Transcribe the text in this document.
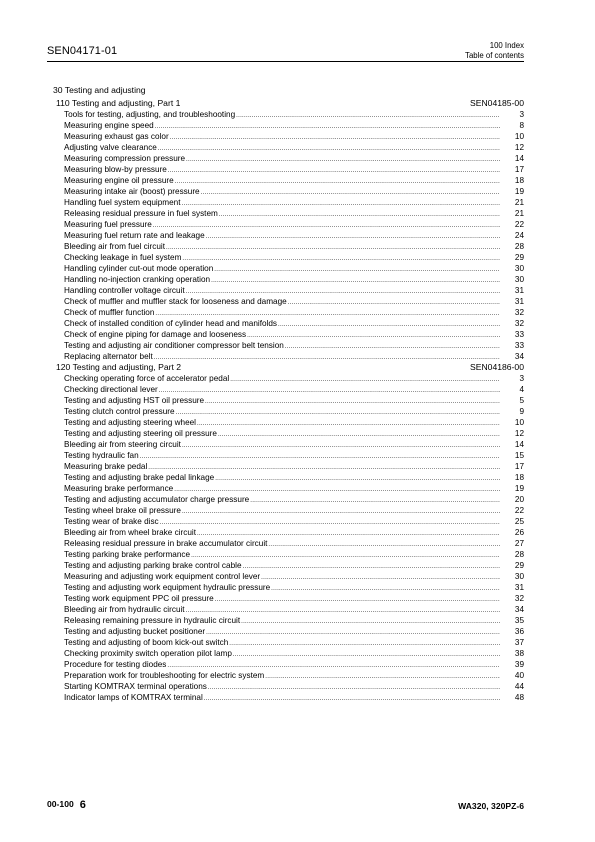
SEN04171-01	100 Index
Table of contents
30 Testing and adjusting
110 Testing and adjusting, Part 1	SEN04185-00
Tools for testing, adjusting, and troubleshooting .....	3
Measuring engine speed .....	8
Measuring exhaust gas color .....	10
Adjusting valve clearance .....	12
Measuring compression pressure .....	14
Measuring blow-by pressure .....	17
Measuring engine oil pressure .....	18
Measuring intake air (boost) pressure .....	19
Handling fuel system equipment .....	21
Releasing residual pressure in fuel system .....	21
Measuring fuel pressure .....	22
Measuring fuel return rate and leakage .....	24
Bleeding air from fuel circuit .....	28
Checking leakage in fuel system .....	29
Handling cylinder cut-out mode operation .....	30
Handling no-injection cranking operation .....	30
Handling controller voltage circuit .....	31
Check of muffler and muffler stack for looseness and damage .....	31
Check of muffler function .....	32
Check of installed condition of cylinder head and manifolds .....	32
Check of engine piping for damage and looseness .....	33
Testing and adjusting air conditioner compressor belt tension .....	33
Replacing alternator belt .....	34
120 Testing and adjusting, Part 2	SEN04186-00
Checking operating force of accelerator pedal .....	3
Checking directional lever .....	4
Testing and adjusting HST oil pressure .....	5
Testing clutch control pressure .....	9
Testing and adjusting steering wheel .....	10
Testing and adjusting steering oil pressure .....	12
Bleeding air from steering circuit .....	14
Testing hydraulic fan .....	15
Measuring brake pedal .....	17
Testing and adjusting brake pedal linkage .....	18
Measuring brake performance .....	19
Testing and adjusting accumulator charge pressure .....	20
Testing wheel brake oil pressure .....	22
Testing wear of brake disc .....	25
Bleeding air from wheel brake circuit .....	26
Releasing residual pressure in brake accumulator circuit .....	27
Testing parking brake performance .....	28
Testing and adjusting parking brake control cable .....	29
Measuring and adjusting work equipment control lever .....	30
Testing and adjusting work equipment hydraulic pressure .....	31
Testing work equipment PPC oil pressure .....	32
Bleeding air from hydraulic circuit .....	34
Releasing remaining pressure in hydraulic circuit .....	35
Testing and adjusting bucket positioner .....	36
Testing and adjusting of boom kick-out switch .....	37
Checking proximity switch operation pilot lamp .....	38
Procedure for testing diodes .....	39
Preparation work for troubleshooting for electric system .....	40
Starting KOMTRAX terminal operations .....	44
Indicator lamps of KOMTRAX terminal .....	48
00-100 6	WA320, 320PZ-6
